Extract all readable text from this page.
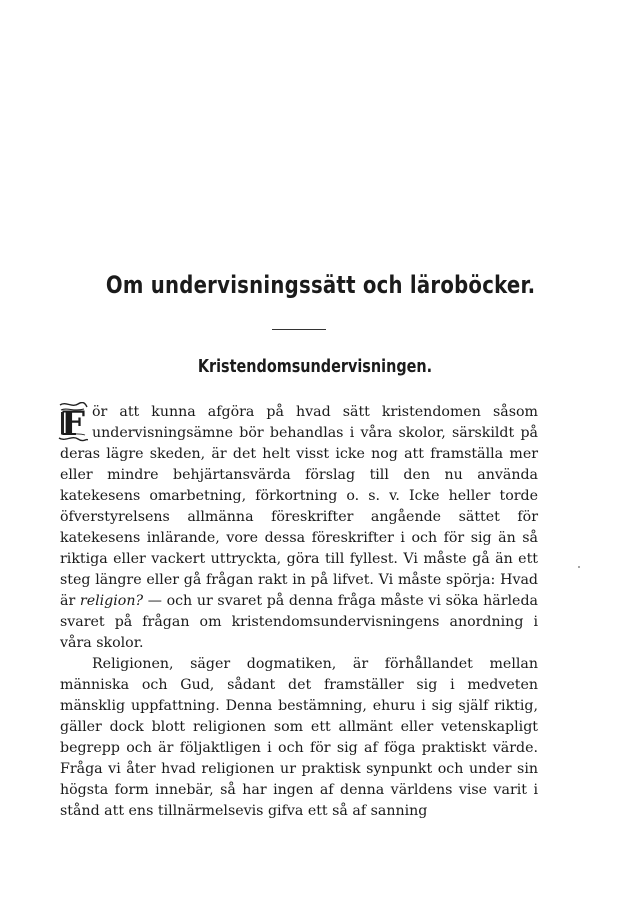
Om undervisningssätt och läroböcker.
Kristendomsundervisningen.

F ör att kunna afgöra på hvad sätt kristendomen såsom undervisningsämne bör behandlas i våra skolor, särskildt på deras lägre skeden, är det helt visst icke nog att framställa mer eller mindre behjärtansvärda förslag till den nu använda katekesens omarbetning, förkortning o. s. v. Icke heller torde öfverstyrelsens allmänna föreskrifter angående sättet för katekesens inlärande, vore dessa föreskrifter i och för sig än så riktiga eller vackert uttryckta, göra till fyllest. Vi måste gå än ett steg längre eller gå frågan rakt in på lifvet. Vi måste spörja: Hvad är religion? — och ur svaret på denna fråga måste vi söka härleda svaret på frågan om kristendomsundervisningens anordning i våra skolor.

Religionen, säger dogmatiken, är förhållandet mellan människa och Gud, sådant det framställer sig i medveten mänsklig uppfattning. Denna bestämning, ehuru i sig själf riktig, gäller dock blott religionen som ett allmänt eller vetenskapligt begrepp och är följaktligen i och för sig af föga praktiskt värde. Fråga vi åter hvad religionen ur praktisk synpunkt och under sin högsta form innebär, så har ingen af denna världens vise varit i stånd att ens tillnärmelsevis gifva ett så af sanning
